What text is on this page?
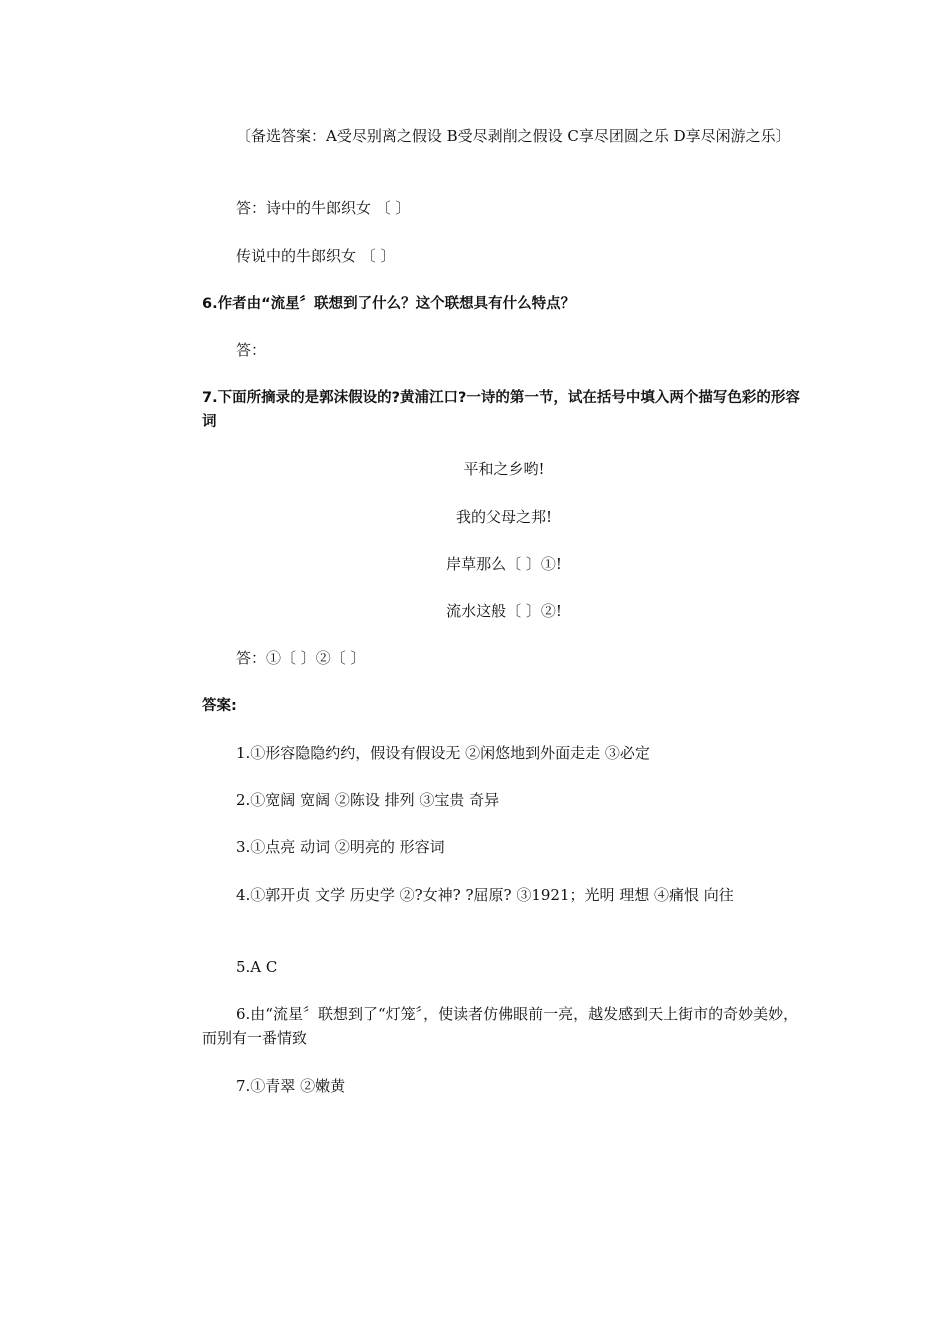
〔备选答案：A受尽别离之假设 B受尽剥削之假设 C享尽团圆之乐 D享尽闲游之乐〕

答：诗中的牛郎织女 〔 〕

传说中的牛郎织女 〔 〕

6.作者由“流星〞联想到了什么？这个联想具有什么特点？

答：

7.下面所摘录的是郭沫假设的?黄浦江口?一诗的第一节，试在括号中填入两个描写色彩的形容词

平和之乡哟!

我的父母之邦!

岸草那么〔 〕①!

流水这般〔 〕②!

答：①〔 〕②〔 〕

答案:

1.①形容隐隐约约，假设有假设无 ②闲悠地到外面走走 ③必定

2.①宽阔 宽阔 ②陈设 排列 ③宝贵 奇异

3.①点亮 动词 ②明亮的 形容词

4.①郭开贞 文学 历史学 ②?女神? ?屈原? ③1921；光明 理想 ④痛恨 向往

5.A C

6.由“流星〞联想到了“灯笼〞，使读者仿佛眼前一亮，越发感到天上街市的奇妙美妙，而别有一番情致

7.①青翠 ②嫩黄
